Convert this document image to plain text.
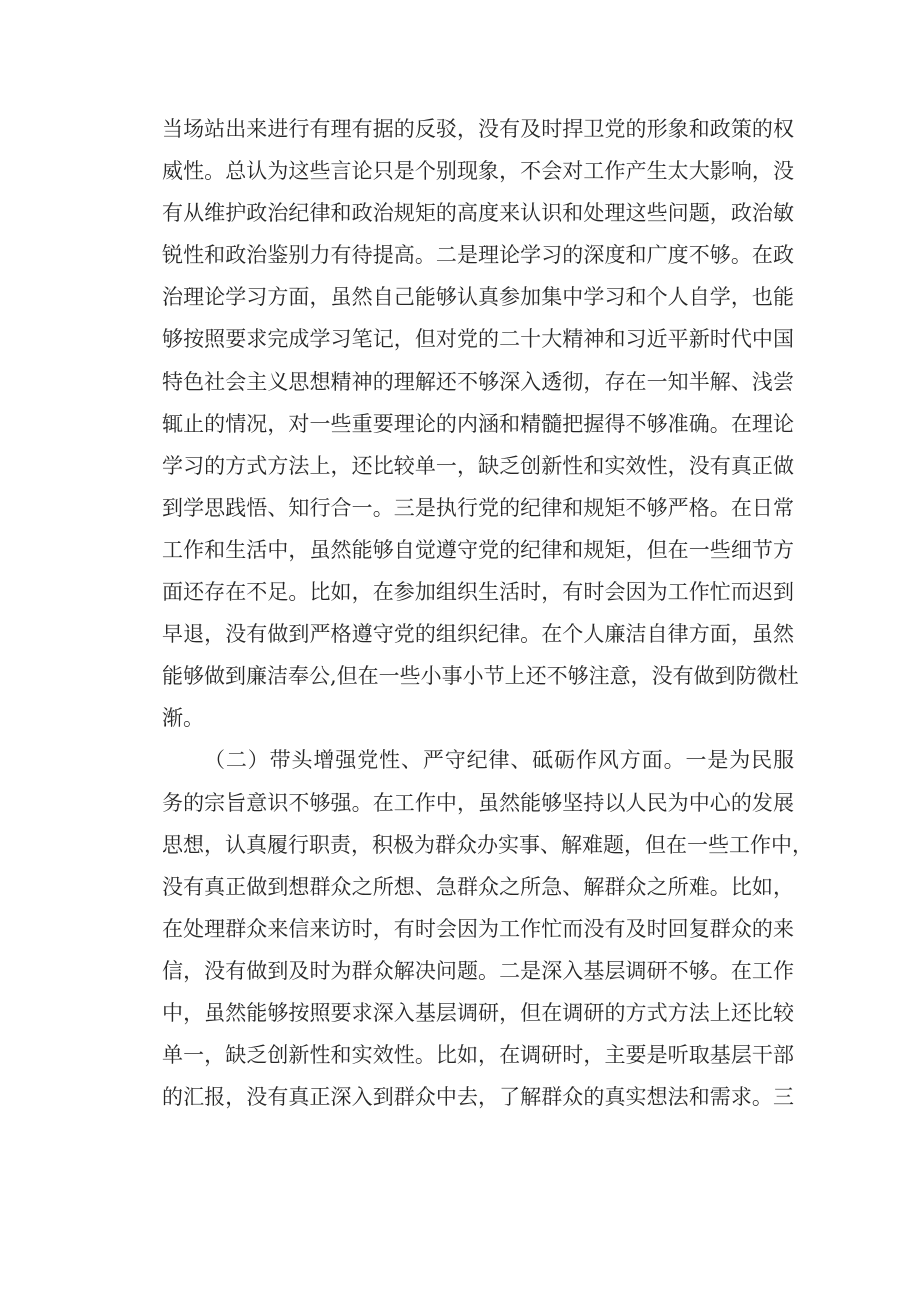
当场站出来进行有理有据的反驳，没有及时捍卫党的形象和政策的权
威性。总认为这些言论只是个别现象，不会对工作产生太大影响，没
有从维护政治纪律和政治规矩的高度来认识和处理这些问题，政治敏
锐性和政治鉴别力有待提高。二是理论学习的深度和广度不够。在政
治理论学习方面，虽然自己能够认真参加集中学习和个人自学，也能
够按照要求完成学习笔记，但对党的二十大精神和习近平新时代中国
特色社会主义思想精神的理解还不够深入透彻，存在一知半解、浅尝
辄止的情况，对一些重要理论的内涵和精髓把握得不够准确。在理论
学习的方式方法上，还比较单一，缺乏创新性和实效性，没有真正做
到学思践悟、知行合一。三是执行党的纪律和规矩不够严格。在日常
工作和生活中，虽然能够自觉遵守党的纪律和规矩，但在一些细节方
面还存在不足。比如，在参加组织生活时，有时会因为工作忙而迟到
早退，没有做到严格遵守党的组织纪律。在个人廉洁自律方面，虽然
能够做到廉洁奉公,但在一些小事小节上还不够注意，没有做到防微杜
渐。
（二）带头增强党性、严守纪律、砥砺作风方面。一是为民服
务的宗旨意识不够强。在工作中，虽然能够坚持以人民为中心的发展
思想，认真履行职责，积极为群众办实事、解难题，但在一些工作中，
没有真正做到想群众之所想、急群众之所急、解群众之所难。比如，
在处理群众来信来访时，有时会因为工作忙而没有及时回复群众的来
信，没有做到及时为群众解决问题。二是深入基层调研不够。在工作
中，虽然能够按照要求深入基层调研，但在调研的方式方法上还比较
单一，缺乏创新性和实效性。比如，在调研时，主要是听取基层干部
的汇报，没有真正深入到群众中去，了解群众的真实想法和需求。三
